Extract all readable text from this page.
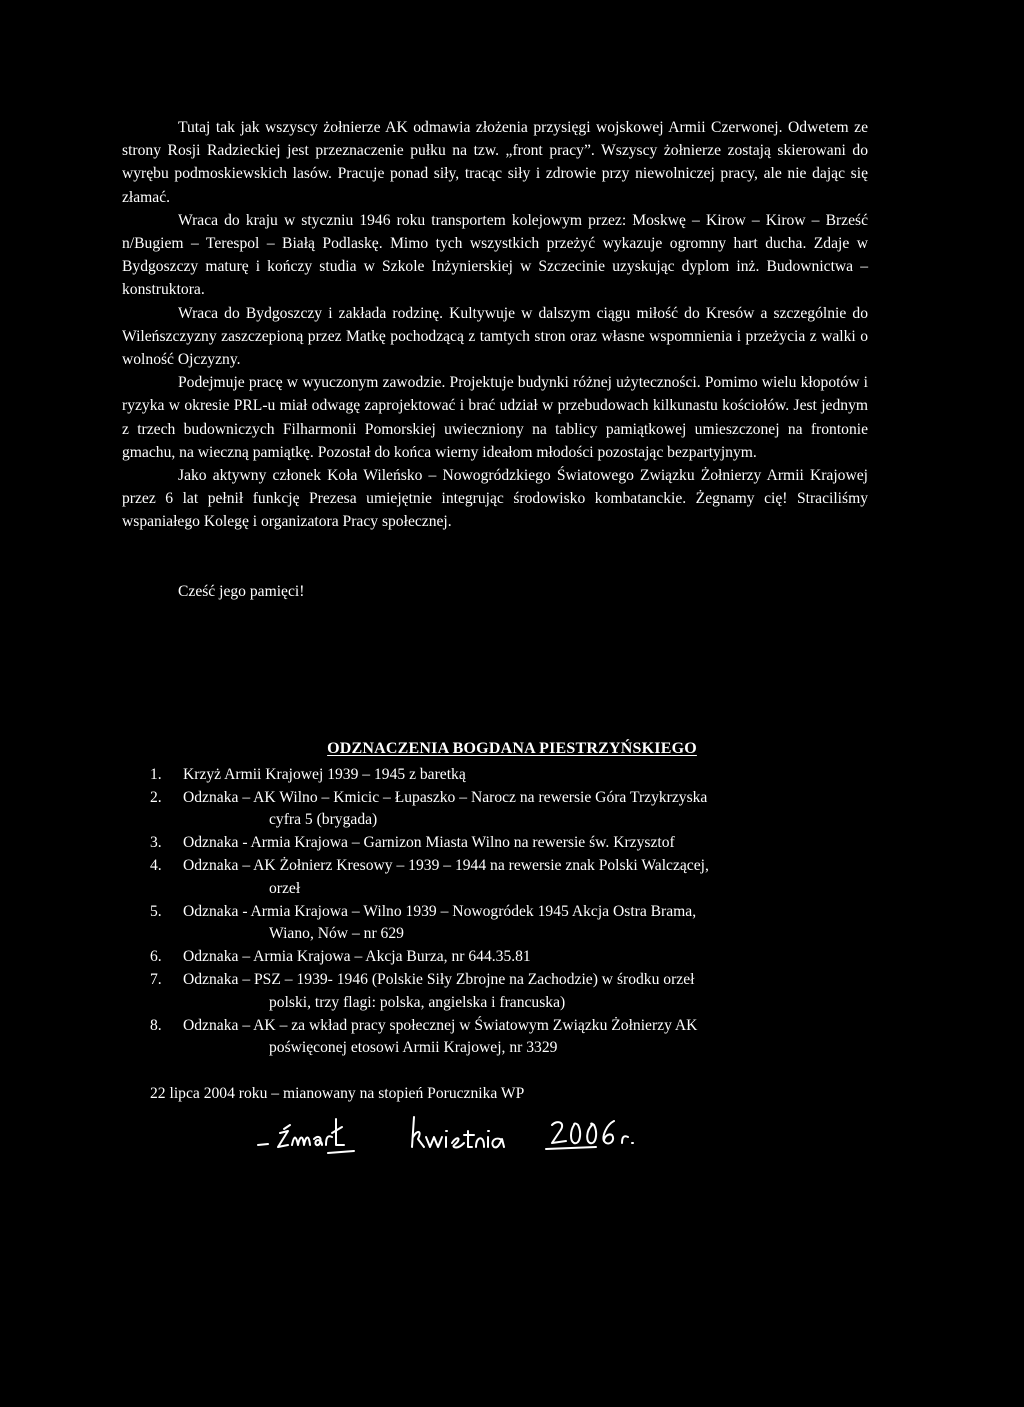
Tutaj tak jak wszyscy żołnierze AK odmawia złożenia przysięgi wojskowej Armii Czerwonej. Odwetem ze strony Rosji Radzieckiej jest przeznaczenie pułku na tzw. „front pracy”. Wszyscy żołnierze zostają skierowani do wyrębu podmoskiewskich lasów. Pracuje ponad siły, tracąc siły i zdrowie przy niewolniczej pracy, ale nie dając się złamać.

Wraca do kraju w styczniu 1946 roku transportem kolejowym przez: Moskwę – Kirow – Kirow – Brześć n/Bugiem – Terespol – Białą Podlaskę. Mimo tych wszystkich przeżyć wykazuje ogromny hart ducha. Zdaje w Bydgoszczy maturę i kończy studia w Szkole Inżynierskiej w Szczecinie uzyskując dyplom inż. Budownictwa – konstruktora.

Wraca do Bydgoszczy i zakłada rodzinę. Kultywuje w dalszym ciągu miłość do Kresów a szczególnie do Wileńszczyzny zaszczepioną przez Matkę pochodzącą z tamtych stron oraz własne wspomnienia i przeżycia z walki o wolność Ojczyzny.

Podejmuje pracę w wyuczonym zawodzie. Projektuje budynki różnej użyteczności. Pomimo wielu kłopotów i ryzyka w okresie PRL-u miał odwagę zaprojektować i brać udział w przebudowach kilkunastu kościołów. Jest jednym z trzech budowniczych Filharmonii Pomorskiej uwieczniony na tablicy pamiątkowej umieszczonej na frontonie gmachu, na wieczną pamiątkę. Pozostał do końca wierny ideałom młodości pozostając bezpartyjnym.

Jako aktywny członek Koła Wileńsko – Nowogródzkiego Światowego Związku Żołnierzy Armii Krajowej przez 6 lat pełnił funkcję Prezesa umiejętnie integrując środowisko kombatanckie. Żegnamy cię! Straciliśmy wspaniałego Kolegę i organizatora Pracy społecznej.

Cześć jego pamięci!
ODZNACZENIA BOGDANA PIESTRZYŃSKIEGO
1. Krzyż Armii Krajowej 1939 – 1945 z baretką
2. Odznaka – AK Wilno – Kmicic – Łupaszko – Narocz na rewersie Góra Trzykrzyska
cyfra 5 (brygada)
3. Odznaka - Armia Krajowa – Garnizon Miasta Wilno na rewersie św. Krzysztof
4. Odznaka – AK Żołnierz Kresowy – 1939 – 1944 na rewersie znak Polski Walczącej,
orzeł
5. Odznaka - Armia Krajowa – Wilno 1939 – Nowogródek 1945 Akcja Ostra Brama,
Wiano, Nów – nr 629
6. Odznaka – Armia Krajowa – Akcja Burza, nr 644.35.81
7. Odznaka – PSZ – 1939- 1946 (Polskie Siły Zbrojne na Zachodzie) w środku orzeł
polski, trzy flagi: polska, angielska i francuska)
8. Odznaka – AK – za wkład pracy społecznej w Światowym Związku Żołnierzy AK
poświęconej etosowi Armii Krajowej, nr 3329
22 lipca 2004 roku – mianowany na stopień Porucznika WP
